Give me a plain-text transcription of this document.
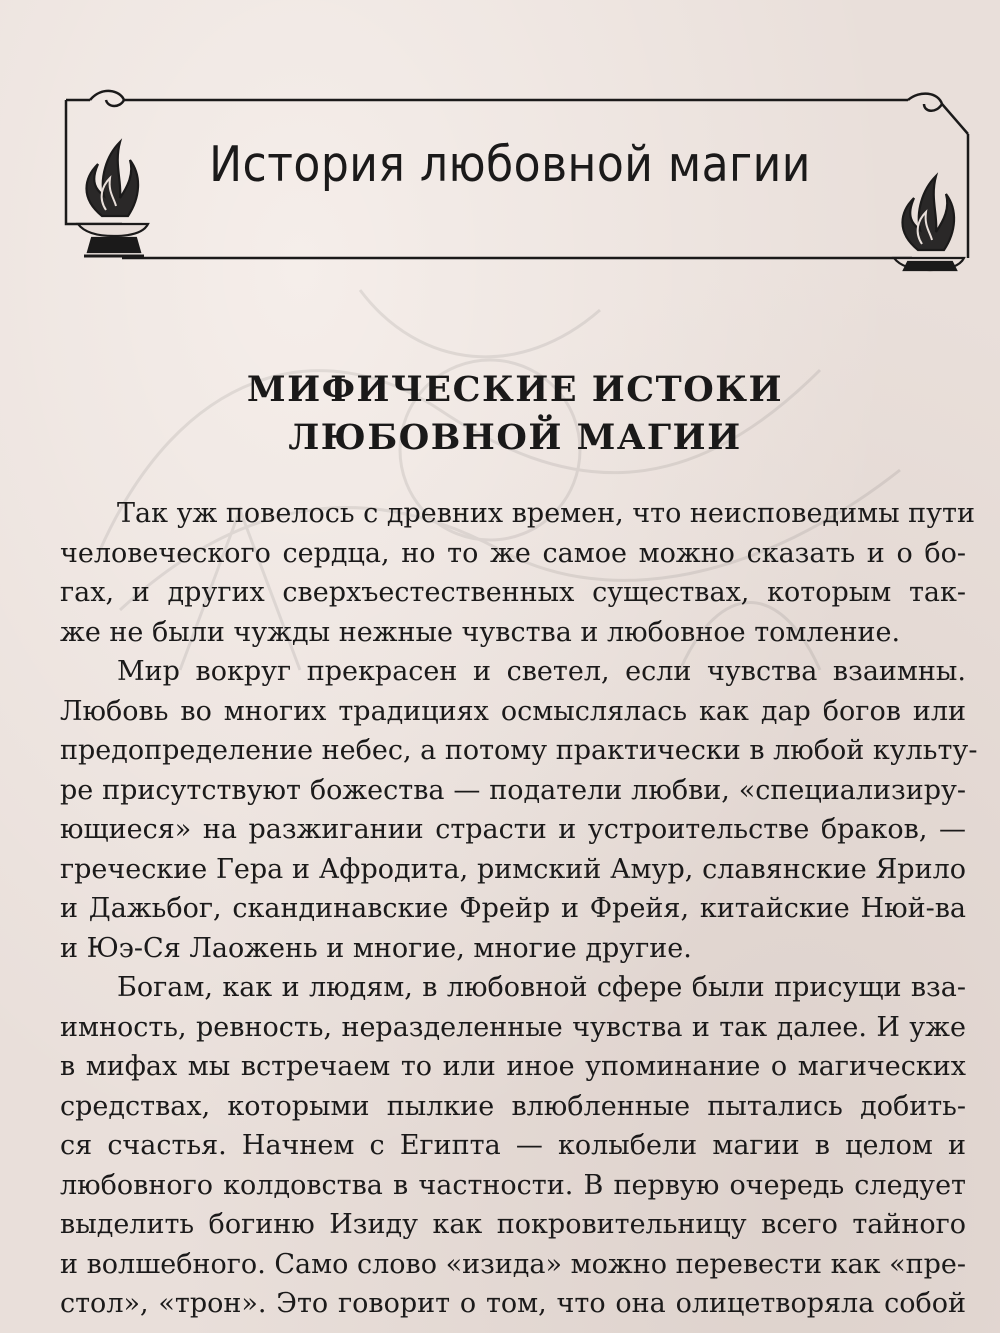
История любовной магии
МИФИЧЕСКИЕ ИСТОКИ
ЛЮБОВНОЙ МАГИИ
Так уж повелось с древних времен, что неисповедимы пути
человеческого сердца, но то же самое можно сказать и о бо-
гах, и других сверхъестественных существах, которым так-
же не были чужды нежные чувства и любовное томление.
Мир вокруг прекрасен и светел, если чувства взаимны.
Любовь во многих традициях осмыслялась как дар богов или
предопределение небес, а потому практически в любой культу-
ре присутствуют божества — податели любви, «специализиру-
ющиеся» на разжигании страсти и устроительстве браков, —
греческие Гера и Афродита, римский Амур, славянские Ярило
и Дажьбог, скандинавские Фрейр и Фрейя, китайские Нюй-ва
и Юэ-Ся Лаожень и многие, многие другие.
Богам, как и людям, в любовной сфере были присущи вза-
имность, ревность, неразделенные чувства и так далее. И уже
в мифах мы встречаем то или иное упоминание о магических
средствах, которыми пылкие влюбленные пытались добить-
ся счастья. Начнем с Египта — колыбели магии в целом и
любовного колдовства в частности. В первую очередь следует
выделить богиню Изиду как покровительницу всего тайного
и волшебного. Само слово «изида» можно перевести как «пре-
стол», «трон». Это говорит о том, что она олицетворяла собой
